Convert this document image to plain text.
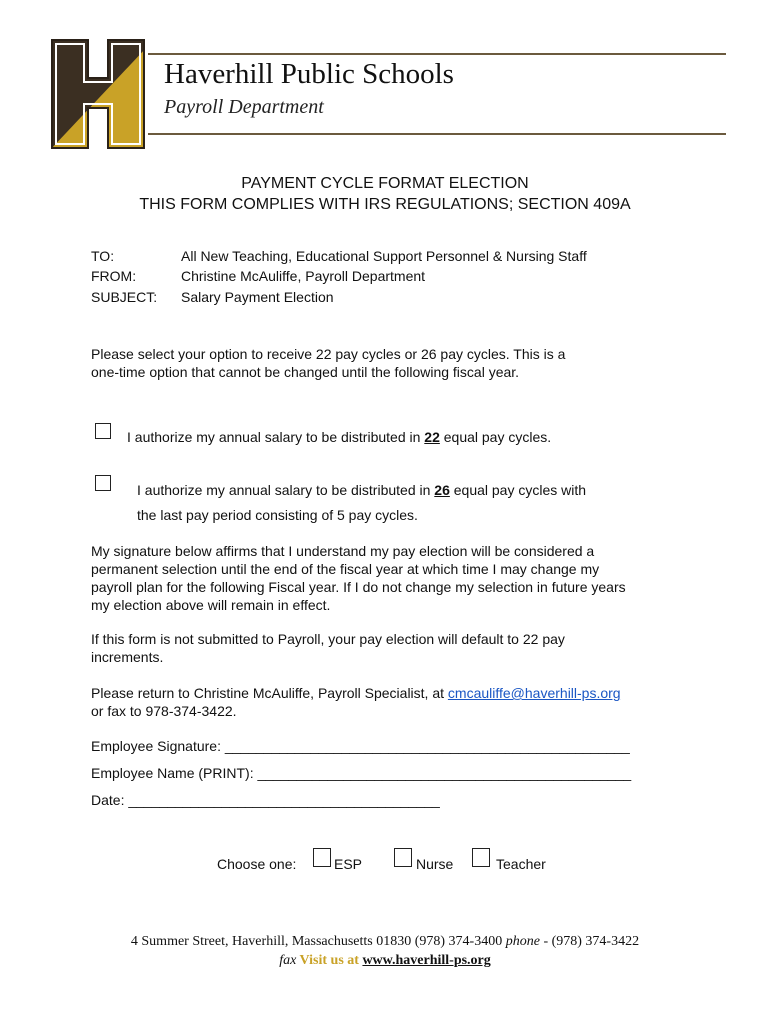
Haverhill Public Schools
Payroll Department
PAYMENT CYCLE FORMAT ELECTION
THIS FORM COMPLIES WITH IRS REGULATIONS; SECTION 409A
TO:	All New Teaching, Educational Support Personnel & Nursing Staff
FROM:	Christine McAuliffe, Payroll Department
SUBJECT: Salary Payment Election
Please select your option to receive 22 pay cycles or 26 pay cycles. This is a
one-time option that cannot be changed until the following fiscal year.
I authorize my annual salary to be distributed in 22 equal pay cycles.
I authorize my annual salary to be distributed in 26 equal pay cycles with
the last pay period consisting of 5 pay cycles.
My signature below affirms that I understand my pay election will be considered a
permanent selection until the end of the fiscal year at which time I may change my
payroll plan for the following Fiscal year. If I do not change my selection in future years
my election above will remain in effect.
If this form is not submitted to Payroll, your pay election will default to 22 pay
increments.
Please return to Christine McAuliffe, Payroll Specialist, at cmcauliffe@haverhill-ps.org
or fax to 978-374-3422.
Employee Signature: ____________________________________________________
Employee Name (PRINT): ________________________________________________
Date: ________________________________________
Choose one:	ESP	Nurse	Teacher
4 Summer Street, Haverhill, Massachusetts 01830 (978) 374-3400 phone - (978) 374-3422
fax Visit us at www.haverhill-ps.org
